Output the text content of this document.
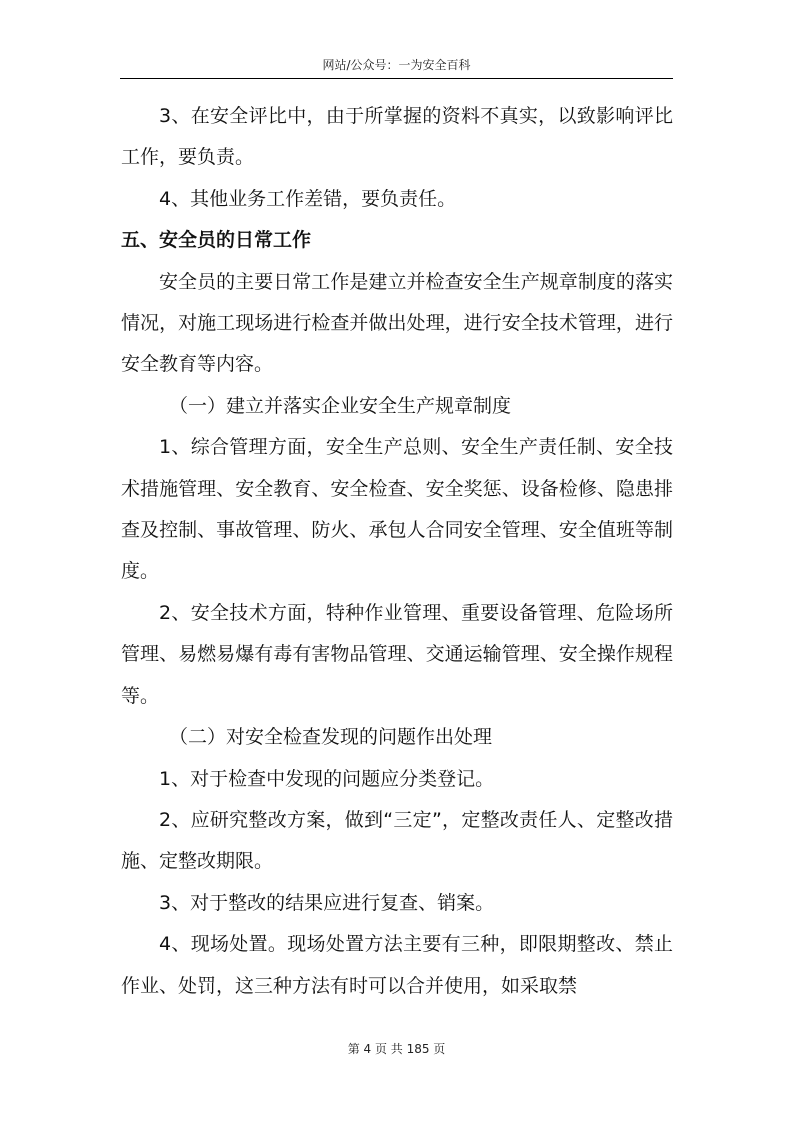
网站/公众号：一为安全百科

3、在安全评比中，由于所掌握的资料不真实，以致影响评比工作，要负责。

4、其他业务工作差错，要负责任。

五、安全员的日常工作

安全员的主要日常工作是建立并检查安全生产规章制度的落实情况，对施工现场进行检查并做出处理，进行安全技术管理，进行安全教育等内容。

（一）建立并落实企业安全生产规章制度

1、综合管理方面，安全生产总则、安全生产责任制、安全技术措施管理、安全教育、安全检查、安全奖惩、设备检修、隐患排查及控制、事故管理、防火、承包人合同安全管理、安全值班等制度。

2、安全技术方面，特种作业管理、重要设备管理、危险场所管理、易燃易爆有毒有害物品管理、交通运输管理、安全操作规程等。

（二）对安全检查发现的问题作出处理

1、对于检查中发现的问题应分类登记。

2、应研究整改方案，做到“三定”，定整改责任人、定整改措施、定整改期限。

3、对于整改的结果应进行复查、销案。

4、现场处置。现场处置方法主要有三种，即限期整改、禁止作业、处罚，这三种方法有时可以合并使用，如采取禁

第 4 页 共 185 页
